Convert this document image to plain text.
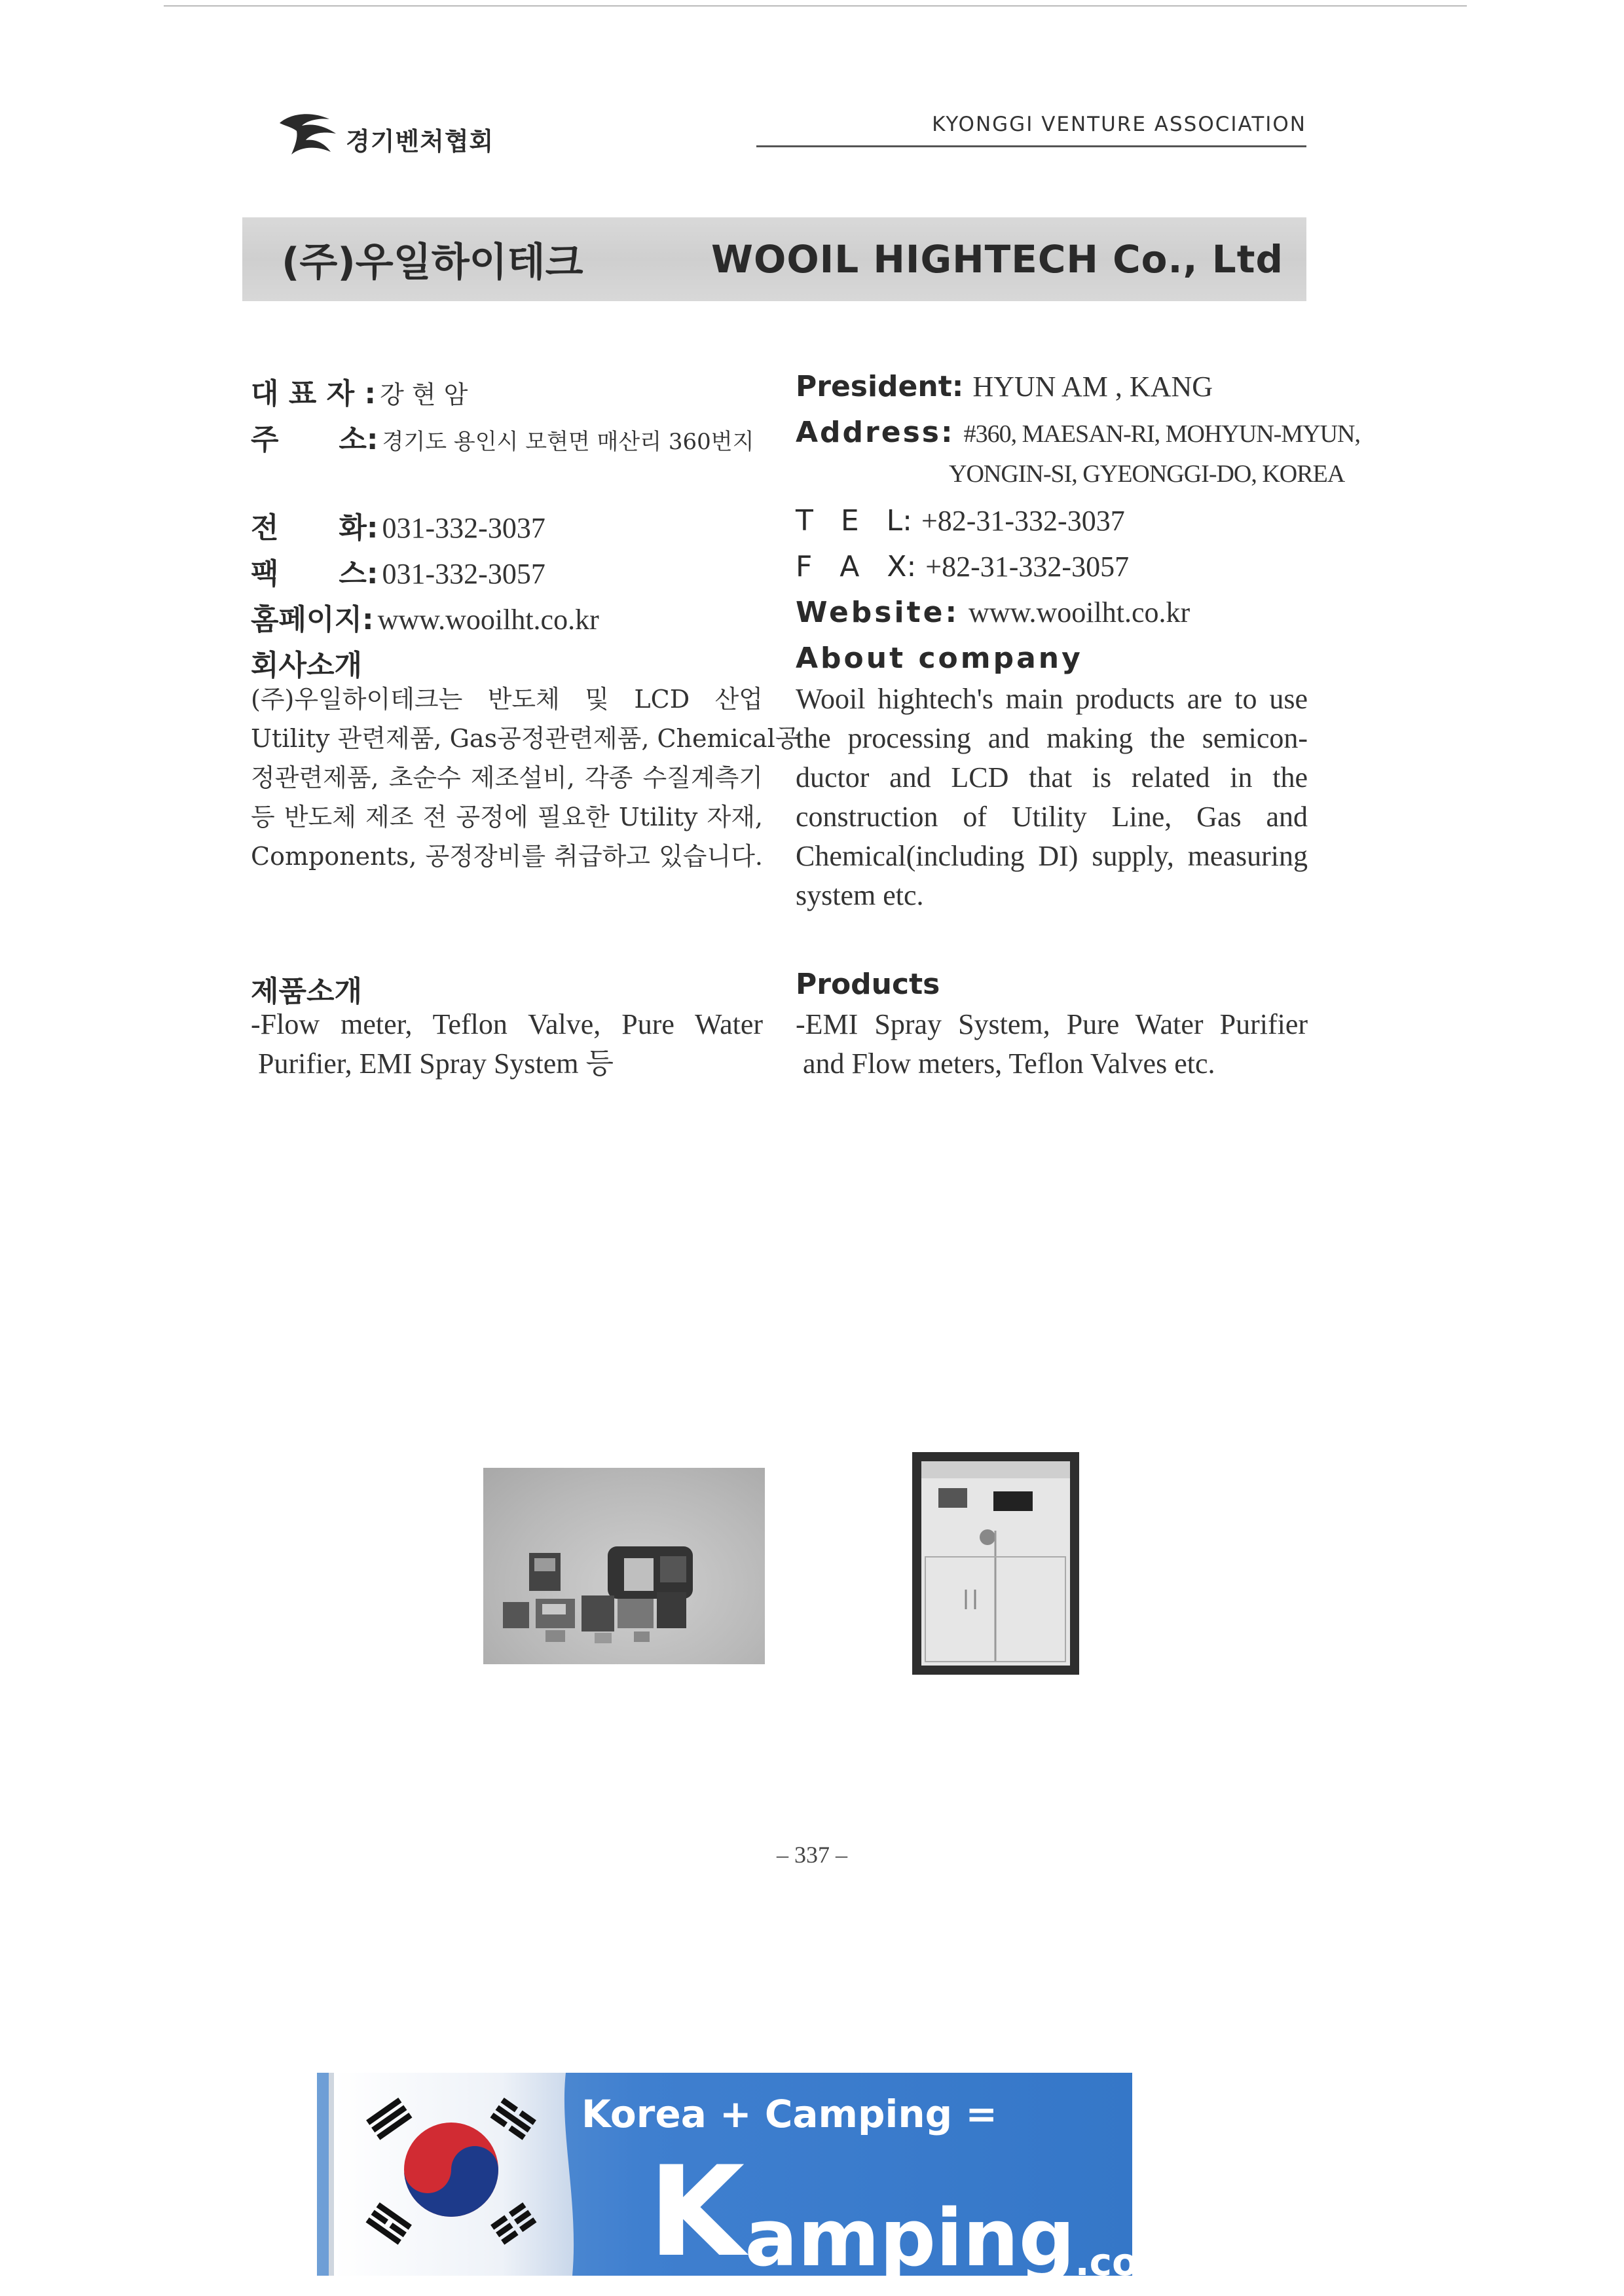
경기벤처협회
KYONGGI VENTURE ASSOCIATION
(주)우일하이테크	WOOIL HIGHTECH Co., Ltd
대 표 자 : 강 현 암
주      소: 경기도 용인시 모현면 매산리 360번지
전      화: 031-332-3037
팩      스: 031-332-3057
홈페이지: www.wooilht.co.kr
회사소개
(주)우일하이테크는 반도체 및 LCD 산업
Utility 관련제품, Gas공정관련제품, Chemical공
정관련제품, 초순수 제조설비, 각종 수질계측기
등 반도체 제조 전 공정에 필요한 Utility 자재,
Components, 공정장비를 취급하고 있습니다.
제품소개
-Flow meter, Teflon Valve, Pure Water
Purifier, EMI Spray System 등
President: HYUN AM , KANG
Address: #360, MAESAN-RI, MOHYUN-MYUN,
YONGIN-SI, GYEONGGI-DO, KOREA
T   E   L: +82-31-332-3037
F   A   X: +82-31-332-3057
Website: www.wooilht.co.kr
About company
Wooil hightech's main products are to use
the processing and making the semicon-
ductor and LCD that is related in the
construction of Utility Line, Gas and
Chemical(including DI) supply, measuring
system etc.
Products
-EMI Spray System, Pure Water Purifier
and Flow meters, Teflon Valves etc.
– 337 –
Korea + Camping =
Kamping.co.kr
